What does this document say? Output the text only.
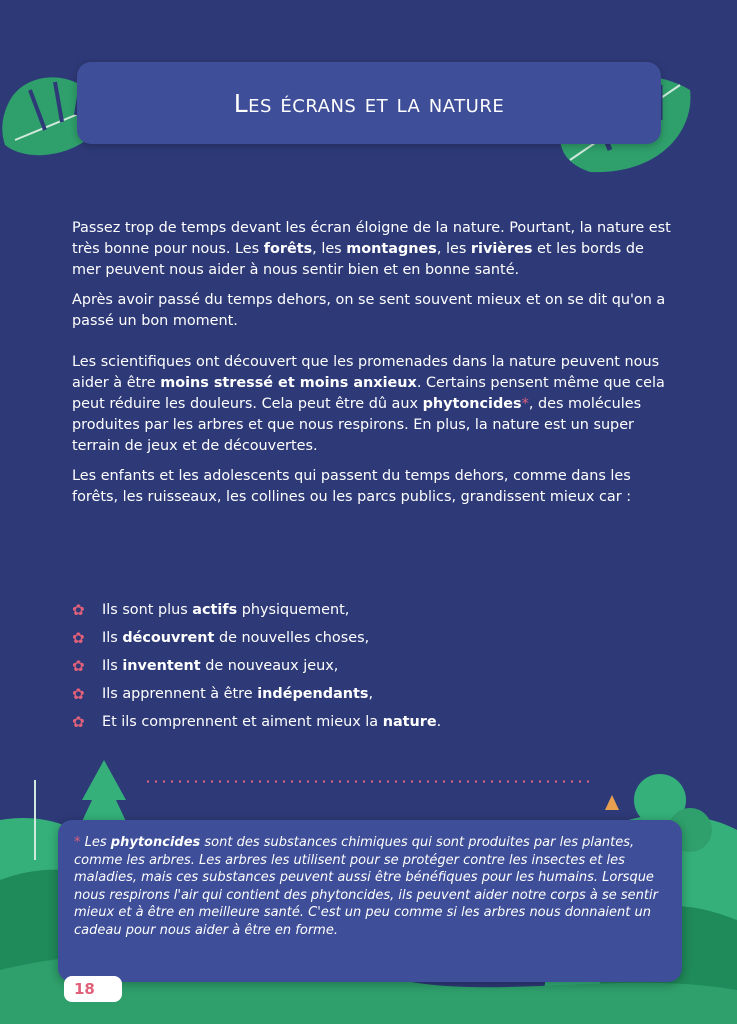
Les écrans et la nature

Passez trop de temps devant les écran éloigne de la nature. Pourtant, la nature est très bonne pour nous. Les forêts, les montagnes, les rivières et les bords de mer peuvent nous aider à nous sentir bien et en bonne santé.

Après avoir passé du temps dehors, on se sent souvent mieux et on se dit qu'on a passé un bon moment.

Les scientifiques ont découvert que les promenades dans la nature peuvent nous aider à être moins stressé et moins anxieux. Certains pensent même que cela peut réduire les douleurs. Cela peut être dû aux phytoncides*, des molécules produites par les arbres et que nous respirons. En plus, la nature est un super terrain de jeux et de découvertes.

Les enfants et les adolescents qui passent du temps dehors, comme dans les forêts, les ruisseaux, les collines ou les parcs publics, grandissent mieux car :

✿	Ils sont plus actifs physiquement,
✿	Ils découvrent de nouvelles choses,
✿	Ils inventent de nouveaux jeux,
✿	Ils apprennent à être indépendants,
✿	Et ils comprennent et aiment mieux la nature.

* Les phytoncides sont des substances chimiques qui sont produites par les plantes, comme les arbres. Les arbres les utilisent pour se protéger contre les insectes et les maladies, mais ces substances peuvent aussi être bénéfiques pour les humains. Lorsque nous respirons l'air qui contient des phytoncides, ils peuvent aider notre corps à se sentir mieux et à être en meilleure santé. C'est un peu comme si les arbres nous donnaient un cadeau pour nous aider à être en forme.

18
